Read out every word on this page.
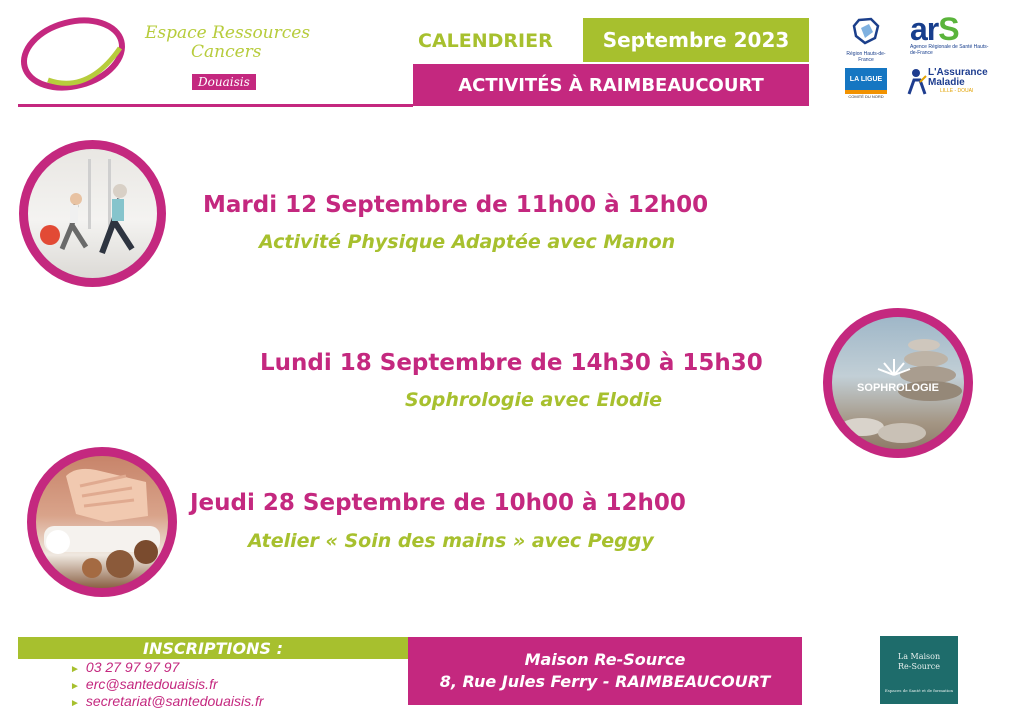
Espace Ressources
Cancers
Douaisis
CALENDRIER	Septembre 2023
ACTIVITÉS À RAIMBEAUCOURT
Région Hauts-de-France
arS
Agence Régionale de Santé Hauts-de-France
LA LIGUE
COMITÉ DU NORD
L'Assurance
Maladie
LILLE - DOUAI
Mardi 12 Septembre de 11h00 à 12h00
Activité Physique Adaptée avec Manon
Lundi 18 Septembre de 14h30 à 15h30
Sophrologie avec Elodie
SOPHROLOGIE
Jeudi 28 Septembre de 10h00 à 12h00
Atelier « Soin des mains » avec Peggy
INSCRIPTIONS :
► 03 27 97 97 97
► erc@santedouaisis.fr
► secretariat@santedouaisis.fr
Maison Re-Source
8, Rue Jules Ferry - RAIMBEAUCOURT
La Maison
Re-Source
Espaces de Santé et de formation
